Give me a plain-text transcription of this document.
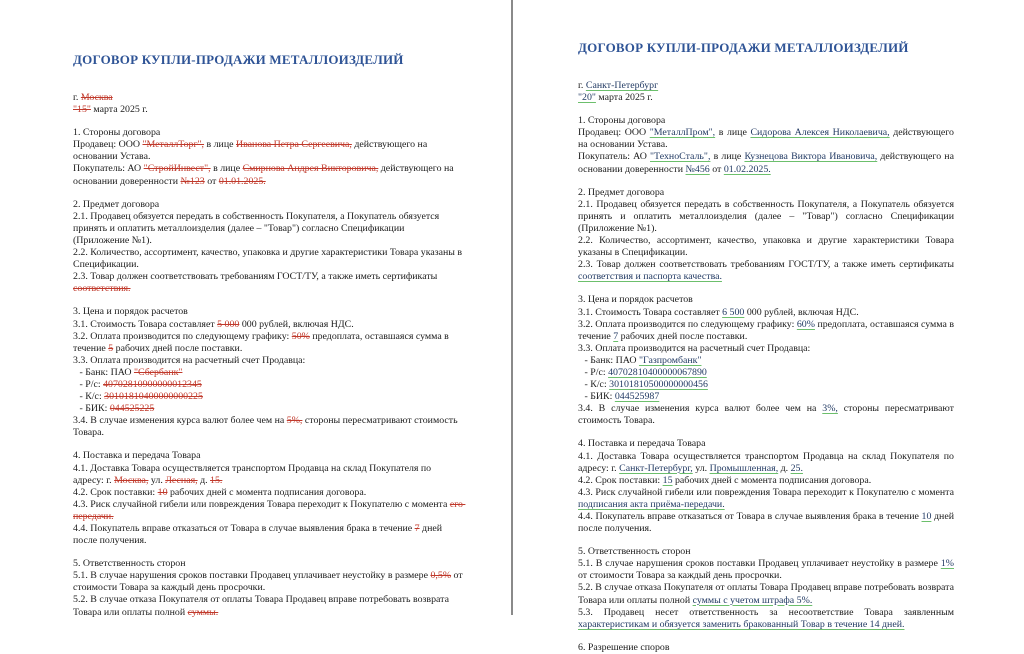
ДОГОВОР КУПЛИ-ПРОДАЖИ МЕТАЛЛОИЗДЕЛИЙ

г. Москва

"15" марта 2025 г.

1. Стороны договора

Продавец: ООО "МеталлТорг", в лице Иванова Петра Сергеевича, действующего на основании Устава.

Покупатель: АО "СтройИнвест", в лице Смирнова Андрея Викторовича, действующего на основании доверенности №123 от 01.01.2025.

2. Предмет договора

2.1. Продавец обязуется передать в собственность Покупателя, а Покупатель обязуется принять и оплатить металлоизделия (далее – "Товар") согласно Спецификации (Приложение №1).

2.2. Количество, ассортимент, качество, упаковка и другие характеристики Товара указаны в Спецификации.

2.3. Товар должен соответствовать требованиям ГОСТ/ТУ, а также иметь сертификаты соответствия.

3. Цена и порядок расчетов

3.1. Стоимость Товара составляет 5 000 000 рублей, включая НДС.

3.2. Оплата производится по следующему графику: 50% предоплата, оставшаяся сумма в течение 5 рабочих дней после поставки.

3.3. Оплата производится на расчетный счет Продавца:

- Банк: ПАО "Сбербанк"

- Р/с: 40702810900000012345

- К/с: 30101810400000000225

- БИК: 044525225

3.4. В случае изменения курса валют более чем на 5%, стороны пересматривают стоимость Товара.

4. Поставка и передача Товара

4.1. Доставка Товара осуществляется транспортом Продавца на склад Покупателя по адресу: г. Москва, ул. Лесная, д. 15.

4.2. Срок поставки: 10 рабочих дней с момента подписания договора.

4.3. Риск случайной гибели или повреждения Товара переходит к Покупателю с момента его передачи.

4.4. Покупатель вправе отказаться от Товара в случае выявления брака в течение 7 дней после получения.

5. Ответственность сторон

5.1. В случае нарушения сроков поставки Продавец уплачивает неустойку в размере 0,5% от стоимости Товара за каждый день просрочки.

5.2. В случае отказа Покупателя от оплаты Товара Продавец вправе потребовать возврата Товара или оплаты полной суммы.

ДОГОВОР КУПЛИ-ПРОДАЖИ МЕТАЛЛОИЗДЕЛИЙ

г. Санкт-Петербург

"20" марта 2025 г.

1. Стороны договора

Продавец: ООО "МеталлПром", в лице Сидорова Алексея Николаевича, действующего на основании Устава.

Покупатель: АО "ТехноСталь", в лице Кузнецова Виктора Ивановича, действующего на основании доверенности №456 от 01.02.2025.

2. Предмет договора

2.1. Продавец обязуется передать в собственность Покупателя, а Покупатель обязуется принять и оплатить металлоизделия (далее – "Товар") согласно Спецификации (Приложение №1).

2.2. Количество, ассортимент, качество, упаковка и другие характеристики Товара указаны в Спецификации.

2.3. Товар должен соответствовать требованиям ГОСТ/ТУ, а также иметь сертификаты соответствия и паспорта качества.

3. Цена и порядок расчетов

3.1. Стоимость Товара составляет 6 500 000 рублей, включая НДС.

3.2. Оплата производится по следующему графику: 60% предоплата, оставшаяся сумма в течение 7 рабочих дней после поставки.

3.3. Оплата производится на расчетный счет Продавца:

- Банк: ПАО "Газпромбанк"

- Р/с: 40702810400000067890

- К/с: 30101810500000000456

- БИК: 044525987

3.4. В случае изменения курса валют более чем на 3%, стороны пересматривают стоимость Товара.

4. Поставка и передача Товара

4.1. Доставка Товара осуществляется транспортом Продавца на склад Покупателя по адресу: г. Санкт-Петербург, ул. Промышленная, д. 25.

4.2. Срок поставки: 15 рабочих дней с момента подписания договора.

4.3. Риск случайной гибели или повреждения Товара переходит к Покупателю с момента подписания акта приёма-передачи.

4.4. Покупатель вправе отказаться от Товара в случае выявления брака в течение 10 дней после получения.

5. Ответственность сторон

5.1. В случае нарушения сроков поставки Продавец уплачивает неустойку в размере 1% от стоимости Товара за каждый день просрочки.

5.2. В случае отказа Покупателя от оплаты Товара Продавец вправе потребовать возврата Товара или оплаты полной суммы с учетом штрафа 5%.

5.3. Продавец несет ответственность за несоответствие Товара заявленным характеристикам и обязуется заменить бракованный Товар в течение 14 дней.

6. Разрешение споров
